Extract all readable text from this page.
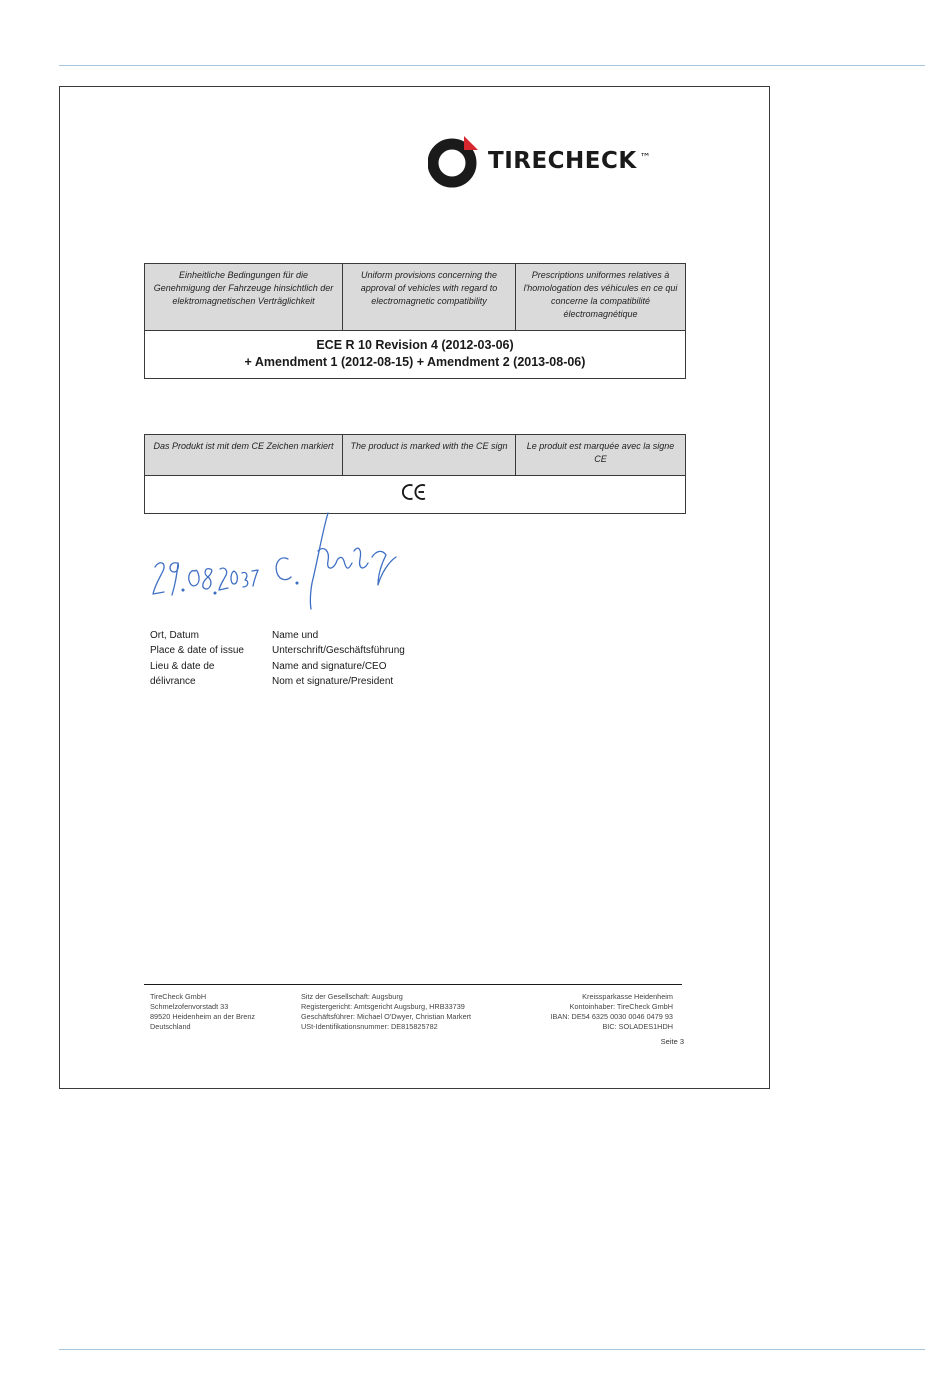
TIRECHECK ™
Einheitliche Bedingungen für die Genehmigung der Fahrzeuge hinsichtlich der elektromagnetischen Verträglichkeit
Uniform provisions concerning the approval of vehicles with regard to electromagnetic compatibility
Prescriptions uniformes relatives à l'homologation des véhicules en ce qui concerne la compatibilité électromagnétique
ECE R 10 Revision 4 (2012-03-06)
+ Amendment 1 (2012-08-15) + Amendment 2 (2013-08-06)
Das Produkt ist mit dem CE Zeichen markiert	The product is marked with the CE sign	Le produit est marquée avec la signe CE
Ort, Datum
Place & date of issue
Lieu & date de
délivrance
Name und
Unterschrift/Geschäftsführung
Name and signature/CEO
Nom et signature/President
TireCheck GmbH
Schmelzofenvorstadt 33
89520 Heidenheim an der Brenz
Deutschland
Sitz der Gesellschaft: Augsburg
Registergericht: Amtsgericht Augsburg, HRB33739
Geschäftsführer: Michael O'Dwyer, Christian Markert
USt-Identifikationsnummer: DE815825782
Kreissparkasse Heidenheim
Kontoinhaber: TireCheck GmbH
IBAN: DE54 6325 0030 0046 0479 93
BIC: SOLADES1HDH
Seite 3
